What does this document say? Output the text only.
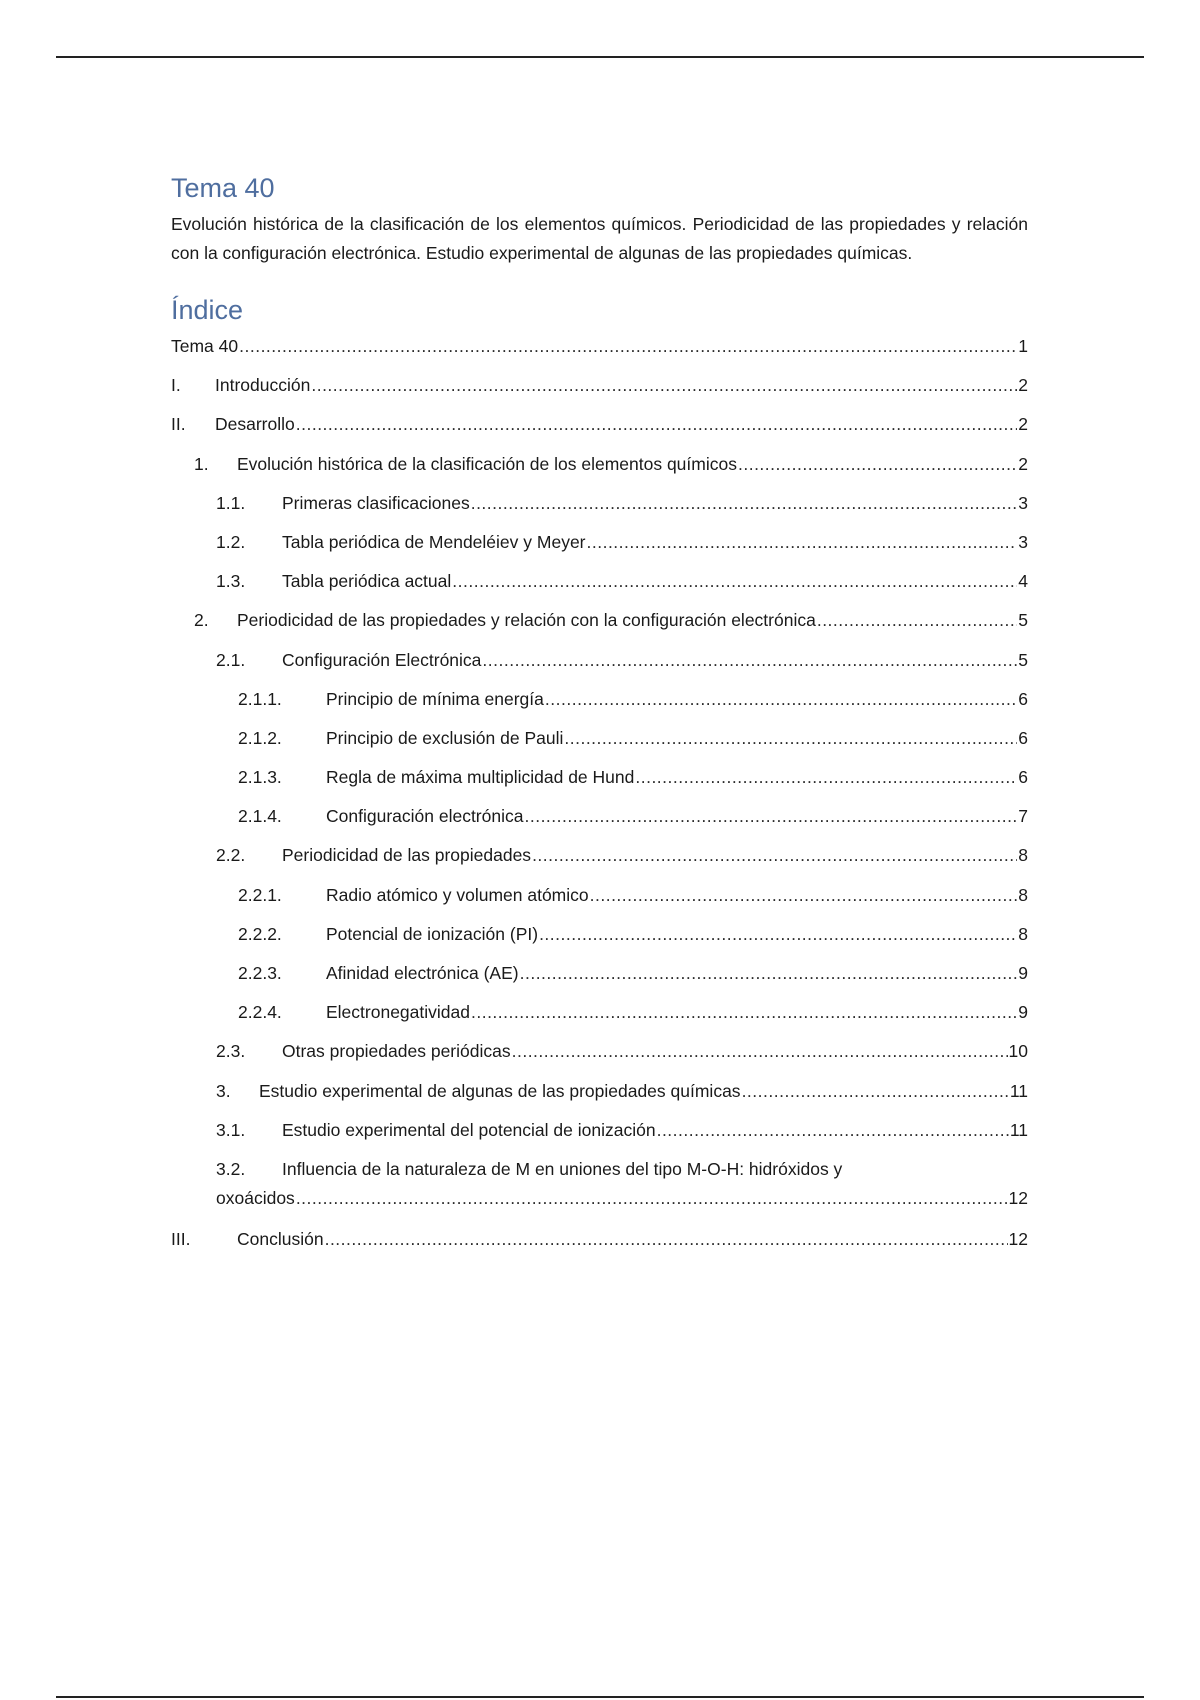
Tema 40

Evolución histórica de la clasificación de los elementos químicos. Periodicidad de las propiedades y relación con la configuración electrónica. Estudio experimental de algunas de las propiedades químicas.

Índice
Tema 40 .....	1
I.	Introducción .....	2
II.	Desarrollo .....	2
1.	Evolución histórica de la clasificación de los elementos químicos .....	2
1.1.	Primeras clasificaciones .....	3
1.2.	Tabla periódica de Mendeléiev y Meyer .....	3
1.3.	Tabla periódica actual .....	4
2.	Periodicidad de las propiedades y relación con la configuración electrónica .....	5
2.1.	Configuración Electrónica .....	5
2.1.1.	Principio de mínima energía .....	6
2.1.2.	Principio de exclusión de Pauli .....	6
2.1.3.	Regla de máxima multiplicidad de Hund .....	6
2.1.4.	Configuración electrónica .....	7
2.2.	Periodicidad de las propiedades .....	8
2.2.1.	Radio atómico y volumen atómico .....	8
2.2.2.	Potencial de ionización (PI) .....	8
2.2.3.	Afinidad electrónica (AE) .....	9
2.2.4.	Electronegatividad .....	9
2.3.	Otras propiedades periódicas .....	10
3.	Estudio experimental de algunas de las propiedades químicas .....	11
3.1.	Estudio experimental del potencial de ionización .....	11
3.2.	Influencia de la naturaleza de M en uniones del tipo M-O-H: hidróxidos y
oxoácidos .....	12
III.	Conclusión .....	12
